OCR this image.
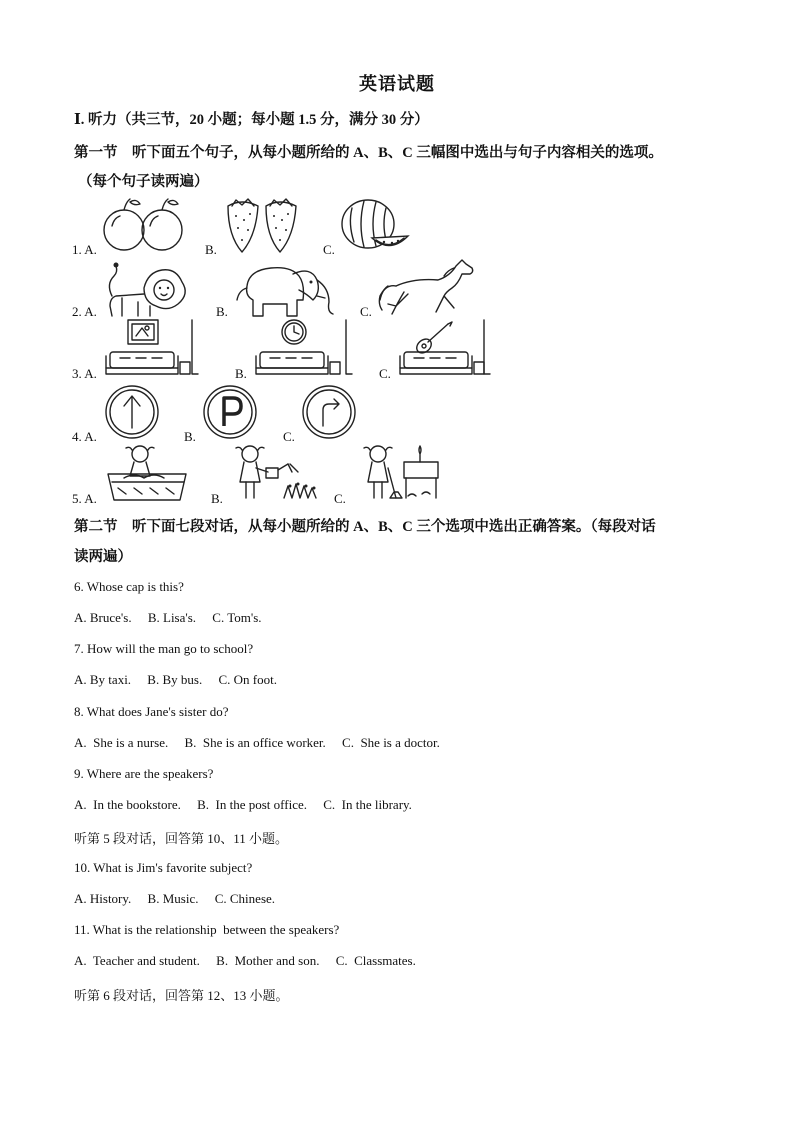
英语试题
Ⅰ. 听力（共三节，20 小题；每小题 1.5 分，满分 30 分）
第一节　听下面五个句子，从每小题所给的 A、B、C 三幅图中选出与句子内容相关的选项。
（每个句子读两遍）
1. A.	B.	C.
2. A.	B.	C.
3. A.	B.	C.
4. A.	B.	C.
5. A.	B.	C.
第二节　听下面七段对话，从每小题所给的 A、B、C 三个选项中选出正确答案。（每段对话
读两遍）
6. Whose cap is this?
A. Bruce's.     B. Lisa's.     C. Tom's.
7. How will the man go to school?
A. By taxi.     B. By bus.     C. On foot.
8. What does Jane's sister do?
A.  She is a nurse.     B.  She is an office worker.     C.  She is a doctor.
9. Where are the speakers?
A.  In the bookstore.     B.  In the post office.     C.  In the library.
听第 5 段对话，回答第 10、11 小题。
10. What is Jim's favorite subject?
A. History.     B. Music.     C. Chinese.
11. What is the relationship  between the speakers?
A.  Teacher and student.     B.  Mother and son.     C.  Classmates.
听第 6 段对话，回答第 12、13 小题。
